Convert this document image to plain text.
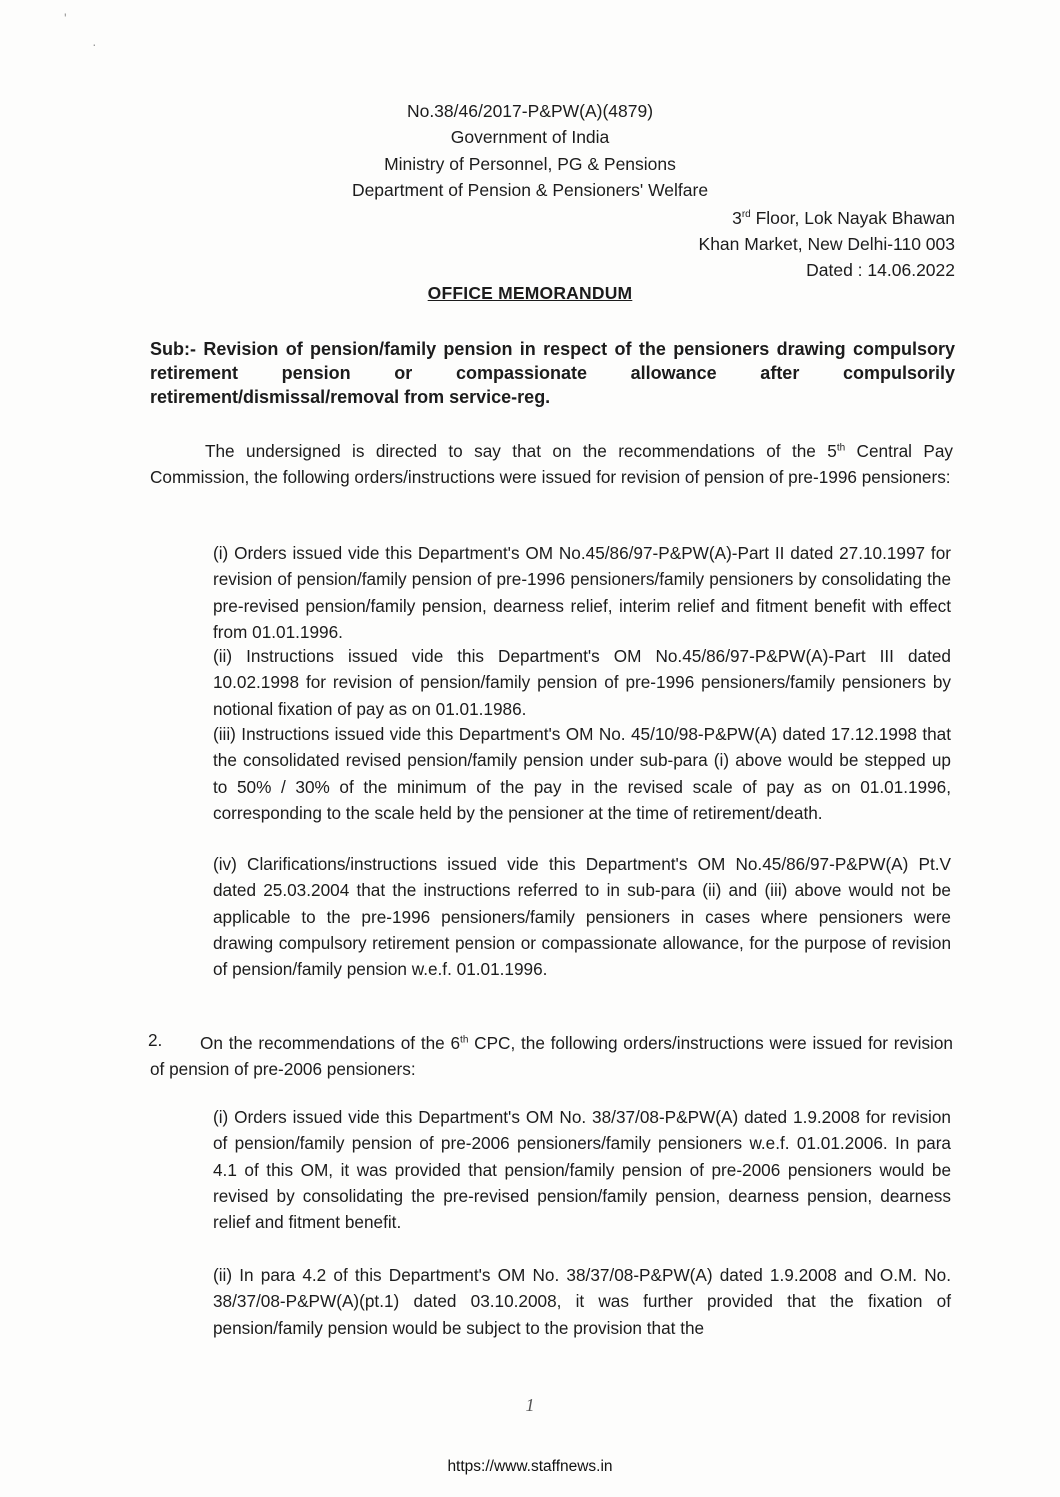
'
·
No.38/46/2017-P&PW(A)(4879)
Government of India
Ministry of Personnel, PG & Pensions
Department of Pension & Pensioners' Welfare
3rd Floor, Lok Nayak Bhawan
Khan Market, New Delhi-110 003
Dated : 14.06.2022
OFFICE MEMORANDUM
Sub:- Revision of pension/family pension in respect of the pensioners drawing compulsory retirement pension or compassionate allowance after compulsorily retirement/dismissal/removal from service-reg.
The undersigned is directed to say that on the recommendations of the 5th Central Pay Commission, the following orders/instructions were issued for revision of pension of pre-1996 pensioners:
(i) Orders issued vide this Department's OM No.45/86/97-P&PW(A)-Part II dated 27.10.1997 for revision of pension/family pension of pre-1996 pensioners/family pensioners by consolidating the pre-revised pension/family pension, dearness relief, interim relief and fitment benefit with effect from 01.01.1996.
(ii) Instructions issued vide this Department's OM No.45/86/97-P&PW(A)-Part III dated 10.02.1998 for revision of pension/family pension of pre-1996 pensioners/family pensioners by notional fixation of pay as on 01.01.1986.
(iii) Instructions issued vide this Department's OM No. 45/10/98-P&PW(A) dated 17.12.1998 that the consolidated revised pension/family pension under sub-para (i) above would be stepped up to 50% / 30% of the minimum of the pay in the revised scale of pay as on 01.01.1996, corresponding to the scale held by the pensioner at the time of retirement/death.
(iv) Clarifications/instructions issued vide this Department's OM No.45/86/97-P&PW(A) Pt.V dated 25.03.2004 that the instructions referred to in sub-para (ii) and (iii) above would not be applicable to the pre-1996 pensioners/family pensioners in cases where pensioners were drawing compulsory retirement pension or compassionate allowance, for the purpose of revision of pension/family pension w.e.f. 01.01.1996.
2.	On the recommendations of the 6th CPC, the following orders/instructions were issued for revision of pension of pre-2006 pensioners:
(i) Orders issued vide this Department's OM No. 38/37/08-P&PW(A) dated 1.9.2008 for revision of pension/family pension of pre-2006 pensioners/family pensioners w.e.f. 01.01.2006. In para 4.1 of this OM, it was provided that pension/family pension of pre-2006 pensioners would be revised by consolidating the pre-revised pension/family pension, dearness pension, dearness relief and fitment benefit.
(ii) In para 4.2 of this Department's OM No. 38/37/08-P&PW(A) dated 1.9.2008 and O.M. No. 38/37/08-P&PW(A)(pt.1) dated 03.10.2008, it was further provided that the fixation of pension/family pension would be subject to the provision that the
1
https://www.staffnews.in
